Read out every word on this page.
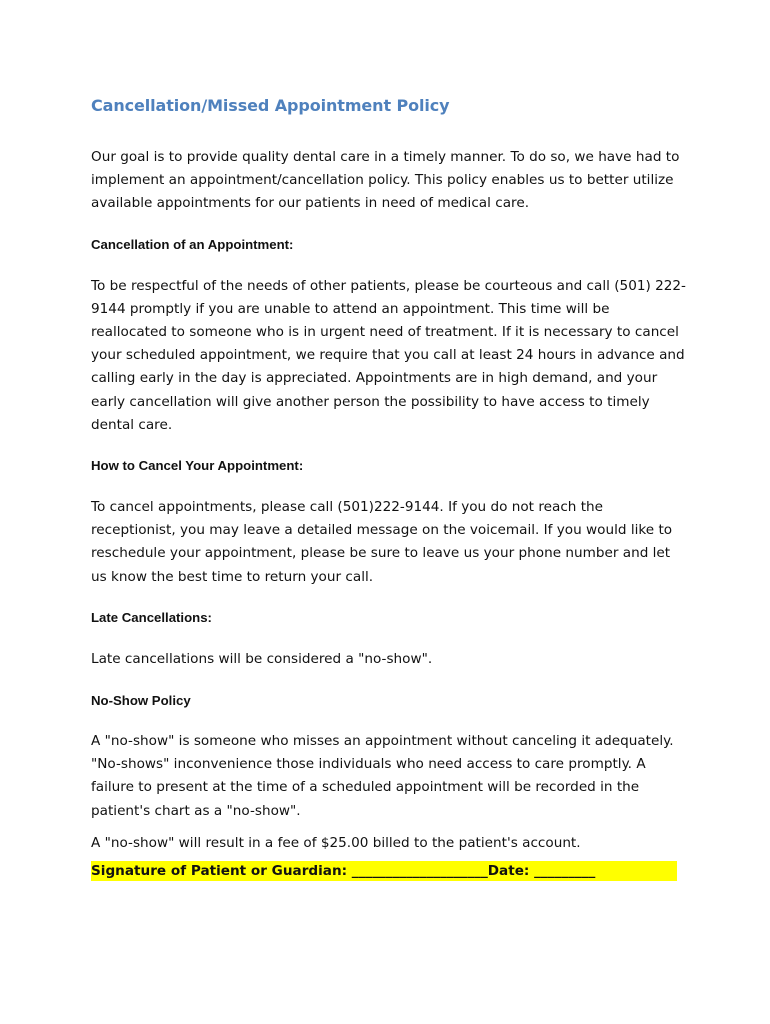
Cancellation/Missed Appointment Policy

Our goal is to provide quality dental care in a timely manner. To do so, we have had to implement an appointment/cancellation policy. This policy enables us to better utilize available appointments for our patients in need of medical care.

Cancellation of an Appointment:

To be respectful of the needs of other patients, please be courteous and call (501) 222-9144 promptly if you are unable to attend an appointment. This time will be reallocated to someone who is in urgent need of treatment. If it is necessary to cancel your scheduled appointment, we require that you call at least 24 hours in advance and calling early in the day is appreciated. Appointments are in high demand, and your early cancellation will give another person the possibility to have access to timely dental care.

How to Cancel Your Appointment:

To cancel appointments, please call (501)222-9144. If you do not reach the receptionist, you may leave a detailed message on the voicemail. If you would like to reschedule your appointment, please be sure to leave us your phone number and let us know the best time to return your call.

Late Cancellations:

Late cancellations will be considered a "no-show".

No-Show Policy

A "no-show" is someone who misses an appointment without canceling it adequately. "No-shows" inconvenience those individuals who need access to care promptly. A failure to present at the time of a scheduled appointment will be recorded in the patient's chart as a "no-show".

A "no-show" will result in a fee of $25.00 billed to the patient's account.

Signature of Patient or Guardian: ____________________Date: _________
